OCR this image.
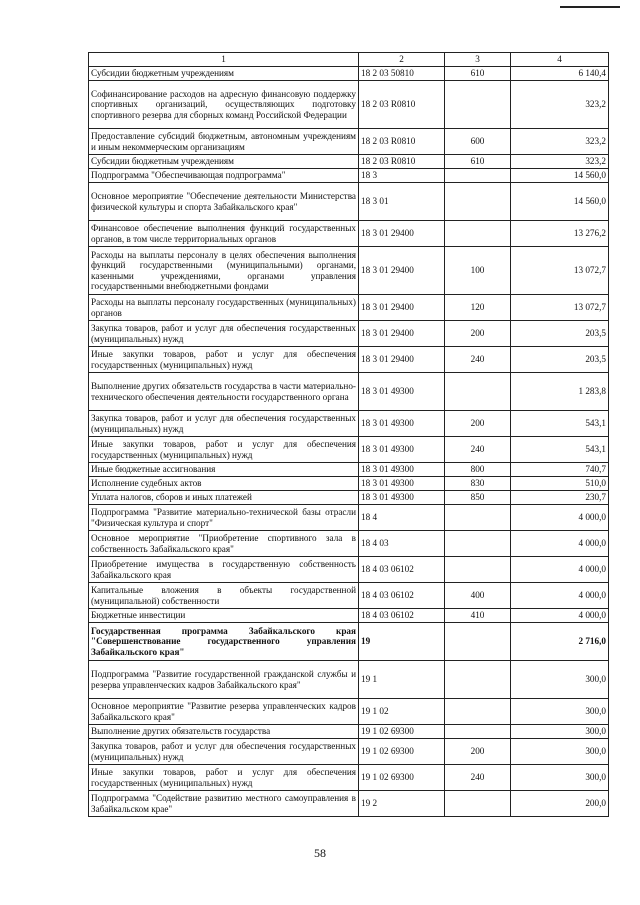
1	2	3	4
Субсидии бюджетным учреждениям	18 2 03 50810	610	6 140,4
Софинансирование расходов на адресную финансовую поддержку спортивных организаций, осуществляющих подготовку спортивного резерва для сборных команд Российской Федерации	18 2 03 R0810		323,2
Предоставление субсидий бюджетным, автономным учреждениям и иным некоммерческим организациям	18 2 03 R0810	600	323,2
Субсидии бюджетным учреждениям	18 2 03 R0810	610	323,2
Подпрограмма "Обеспечивающая подпрограмма"	18 3		14 560,0
Основное мероприятие "Обеспечение деятельности Министерства физической культуры и спорта Забайкальского края"	18 3 01		14 560,0
Финансовое обеспечение выполнения функций государственных органов, в том числе территориальных органов	18 3 01 29400		13 276,2
Расходы на выплаты персоналу в целях обеспечения выполнения функций государственными (муниципальными) органами, казенными учреждениями, органами управления государственными внебюджетными фондами	18 3 01 29400	100	13 072,7
Расходы на выплаты персоналу государственных (муниципальных) органов	18 3 01 29400	120	13 072,7
Закупка товаров, работ и услуг для обеспечения государственных (муниципальных) нужд	18 3 01 29400	200	203,5
Иные закупки товаров, работ и услуг для обеспечения государственных (муниципальных) нужд	18 3 01 29400	240	203,5
Выполнение других обязательств государства в части материально-технического обеспечения деятельности государственного органа	18 3 01 49300		1 283,8
Закупка товаров, работ и услуг для обеспечения государственных (муниципальных) нужд	18 3 01 49300	200	543,1
Иные закупки товаров, работ и услуг для обеспечения государственных (муниципальных) нужд	18 3 01 49300	240	543,1
Иные бюджетные ассигнования	18 3 01 49300	800	740,7
Исполнение судебных актов	18 3 01 49300	830	510,0
Уплата налогов, сборов и иных платежей	18 3 01 49300	850	230,7
Подпрограмма "Развитие материально-технической базы отрасли "Физическая культура и спорт"	18 4		4 000,0
Основное мероприятие "Приобретение спортивного зала в собственность Забайкальского края"	18 4 03		4 000,0
Приобретение имущества в государственную собственность Забайкальского края	18 4 03 06102		4 000,0
Капитальные вложения в объекты государственной (муниципальной) собственности	18 4 03 06102	400	4 000,0
Бюджетные инвестиции	18 4 03 06102	410	4 000,0
Государственная программа Забайкальского края "Совершенствование государственного управления Забайкальского края"	19		2 716,0
Подпрограмма "Развитие государственной гражданской службы и резерва управленческих кадров Забайкальского края"	19 1		300,0
Основное мероприятие "Развитие резерва управленческих кадров Забайкальского края"	19 1 02		300,0
Выполнение других обязательств государства	19 1 02 69300		300,0
Закупка товаров, работ и услуг для обеспечения государственных (муниципальных) нужд	19 1 02 69300	200	300,0
Иные закупки товаров, работ и услуг для обеспечения государственных (муниципальных) нужд	19 1 02 69300	240	300,0
Подпрограмма "Содействие развитию местного самоуправления в Забайкальском крае"	19 2		200,0
58
